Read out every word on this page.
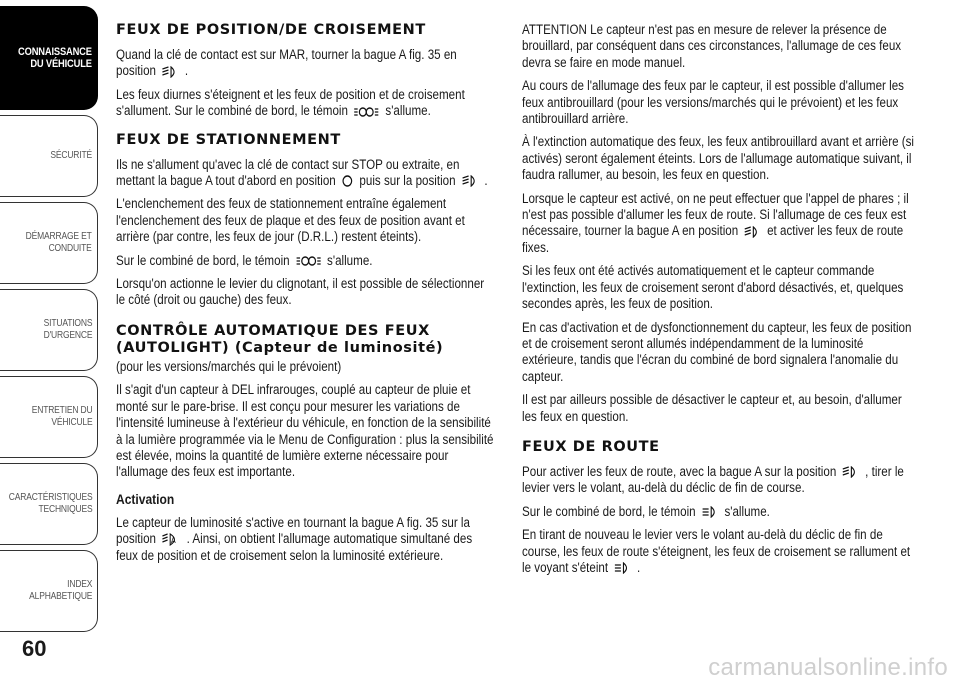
CONNAISSANCE
DU VÉHICULE
SÉCURITÉ
DÉMARRAGE ET
CONDUITE
SITUATIONS
D'URGENCE
ENTRETIEN DU
VÉHICULE
CARACTÉRISTIQUES
TECHNIQUES
INDEX
ALPHABETIQUE
60
FEUX DE POSITION/DE CROISEMENT

Quand la clé de contact est sur MAR, tourner la bague A fig. 35 en position .

Les feux diurnes s'éteignent et les feux de position et de croisement s'allument. Sur le combiné de bord, le témoin	s'allume.

FEUX DE STATIONNEMENT

Ils ne s'allument qu'avec la clé de contact sur STOP ou extraite, en mettant la bague A tout d'abord en position puis sur la position .

L'enclenchement des feux de stationnement entraîne également l'enclenchement des feux de plaque et des feux de position avant et arrière (par contre, les feux de jour (D.R.L.) restent éteints).

Sur le combiné de bord, le témoin	s'allume.

Lorsqu'on actionne le levier du clignotant, il est possible de sélectionner le côté (droit ou gauche) des feux.

CONTRÔLE AUTOMATIQUE DES FEUX
(AUTOLIGHT) (Capteur de luminosité)

(pour les versions/marchés qui le prévoient)

Il s'agit d'un capteur à DEL infrarouges, couplé au capteur de pluie et monté sur le pare-brise. Il est conçu pour mesurer les variations de l'intensité lumineuse à l'extérieur du véhicule, en fonction de la sensibilité à la lumière programmée via le Menu de Configuration : plus la sensibilité est élevée, moins la quantité de lumière externe nécessaire pour l'allumage des feux est importante.

Activation

Le capteur de luminosité s'active en tournant la bague A fig. 35 sur la position A . Ainsi, on obtient l'allumage automatique simultané des feux de position et de croisement selon la luminosité extérieure.

ATTENTION Le capteur n'est pas en mesure de relever la présence de brouillard, par conséquent dans ces circonstances, l'allumage de ces feux devra se faire en mode manuel.

Au cours de l'allumage des feux par le capteur, il est possible d'allumer les feux antibrouillard (pour les versions/marchés qui le prévoient) et les feux antibrouillard arrière.

À l'extinction automatique des feux, les feux antibrouillard avant et arrière (si activés) seront également éteints. Lors de l'allumage automatique suivant, il faudra rallumer, au besoin, les feux en question.

Lorsque le capteur est activé, on ne peut effectuer que l'appel de phares ; il n'est pas possible d'allumer les feux de route. Si l'allumage de ces feux est nécessaire, tourner la bague A en position et activer les feux de route fixes.

Si les feux ont été activés automatiquement et le capteur commande l'extinction, les feux de croisement seront d'abord désactivés, et, quelques secondes après, les feux de position.

En cas d'activation et de dysfonctionnement du capteur, les feux de position et de croisement seront allumés indépendamment de la luminosité extérieure, tandis que l'écran du combiné de bord signalera l'anomalie du capteur.

Il est par ailleurs possible de désactiver le capteur et, au besoin, d'allumer les feux en question.

FEUX DE ROUTE

Pour activer les feux de route, avec la bague A sur la position , tirer le levier vers le volant, au-delà du déclic de fin de course.

Sur le combiné de bord, le témoin s'allume.

En tirant de nouveau le levier vers le volant au-delà du déclic de fin de course, les feux de route s'éteignent, les feux de croisement se rallument et le voyant s'éteint .

carmanualsonline.info
